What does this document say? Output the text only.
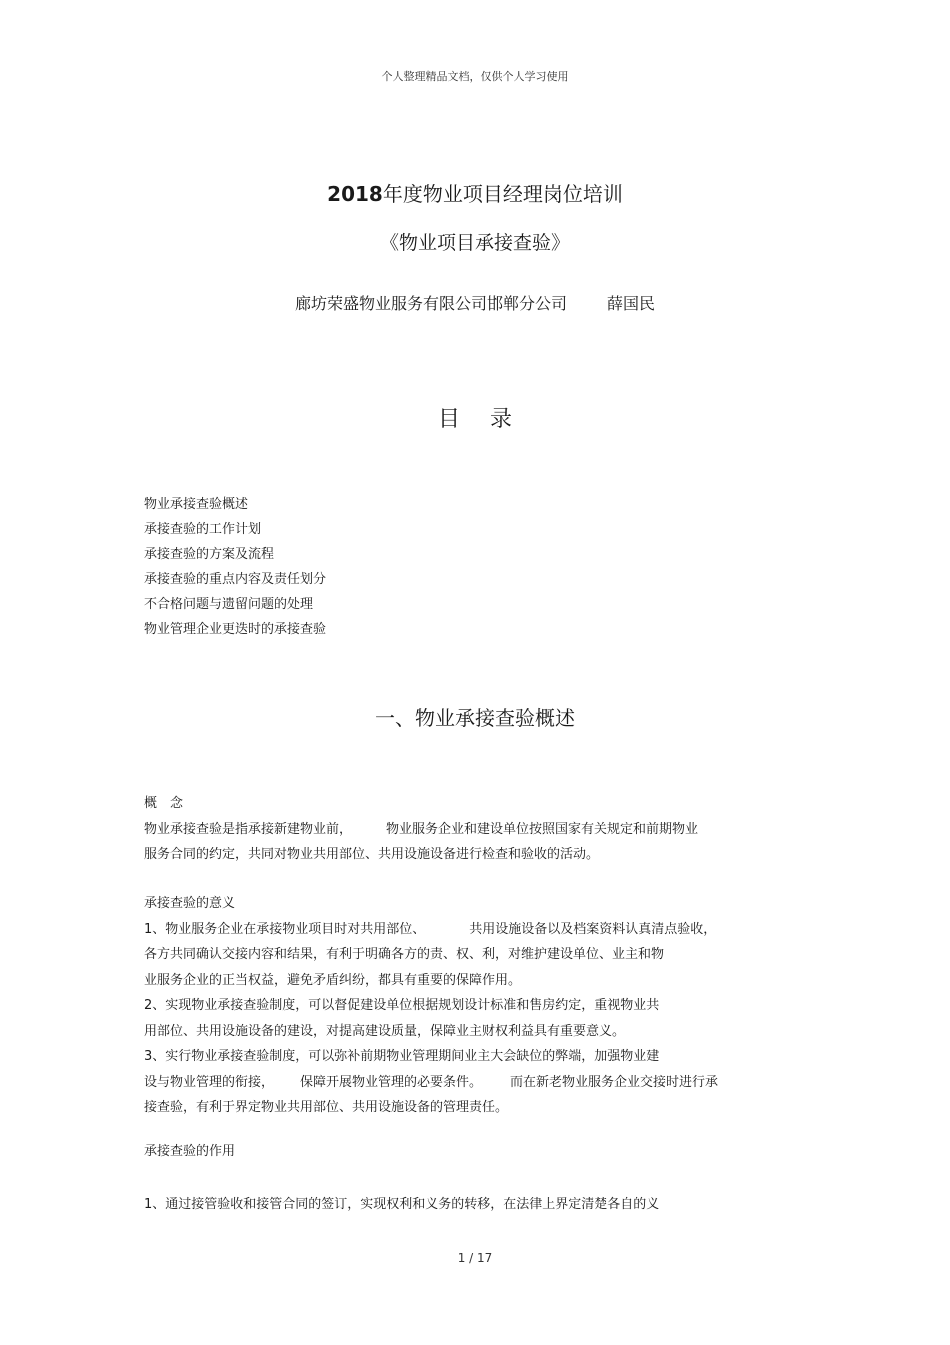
个人整理精品文档，仅供个人学习使用
2018年度物业项目经理岗位培训
《物业项目承接查验》
廊坊荣盛物业服务有限公司邯郸分公司	薛国民
目录
物业承接查验概述
承接查验的工作计划
承接查验的方案及流程
承接查验的重点内容及责任划分
不合格问题与遗留问题的处理
物业管理企业更迭时的承接查验
一、物业承接查验概述
概　念
物业承接查验是指承接新建物业前，	物业服务企业和建设单位按照国家有关规定和前期物业
服务合同的约定，共同对物业共用部位、共用设施设备进行检查和验收的活动。
承接查验的意义
1、物业服务企业在承接物业项目时对共用部位、	共用设施设备以及档案资料认真清点验收，
各方共同确认交接内容和结果，有利于明确各方的责、权、利，对维护建设单位、业主和物
业服务企业的正当权益，避免矛盾纠纷，都具有重要的保障作用。
2、实现物业承接查验制度，可以督促建设单位根据规划设计标准和售房约定，重视物业共
用部位、共用设施设备的建设，对提高建设质量，保障业主财权利益具有重要意义。
3、实行物业承接查验制度，可以弥补前期物业管理期间业主大会缺位的弊端，加强物业建
设与物业管理的衔接， 保障开展物业管理的必要条件。 而在新老物业服务企业交接时进行承
接查验，有利于界定物业共用部位、共用设施设备的管理责任。
承接查验的作用
1、通过接管验收和接管合同的签订，实现权利和义务的转移，在法律上界定清楚各自的义
1 / 17
